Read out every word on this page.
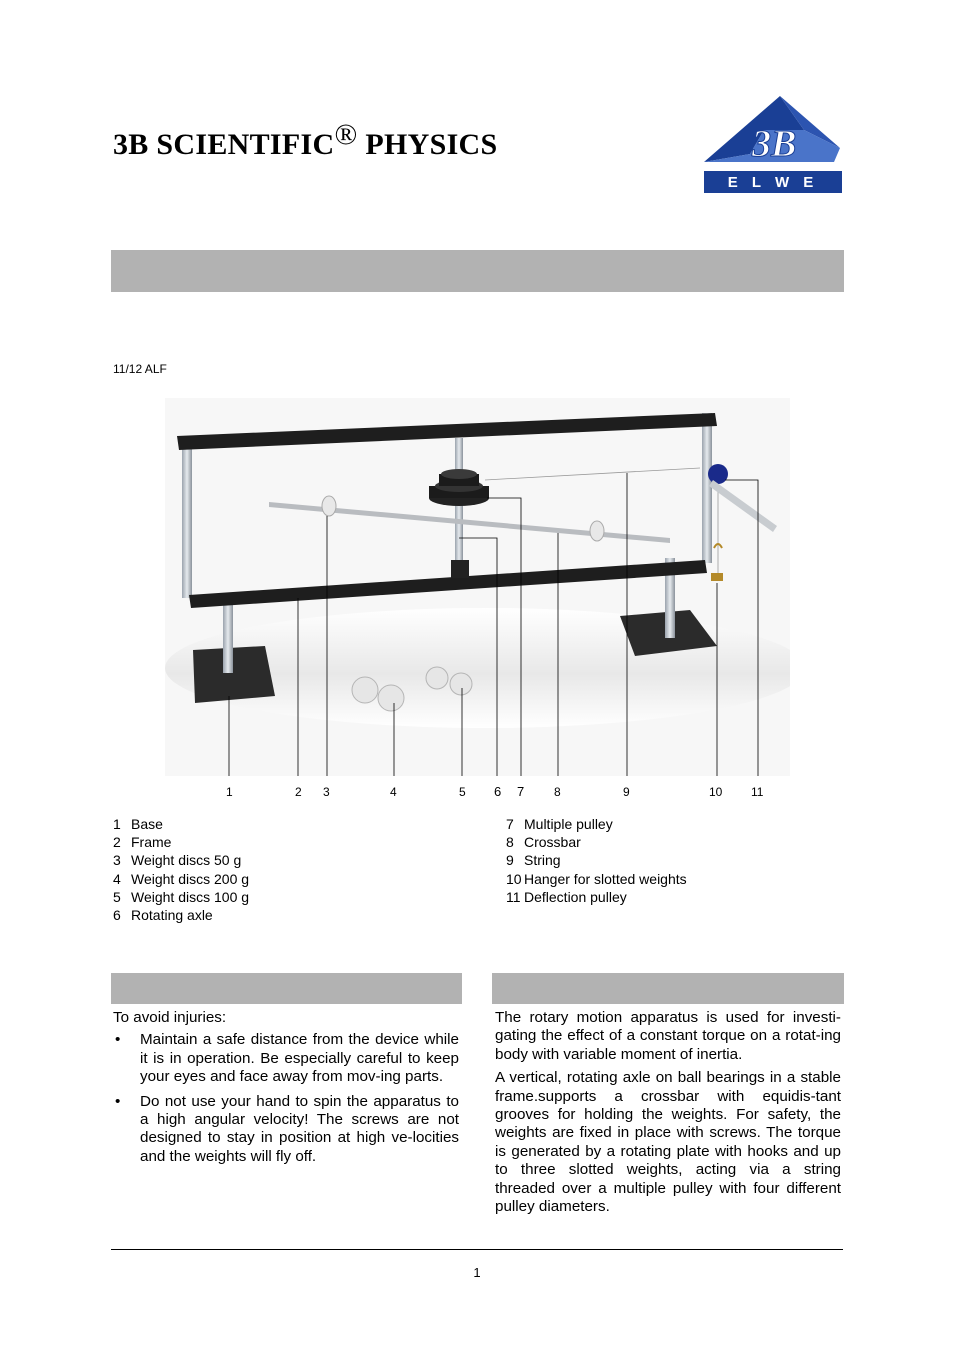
3B SCIENTIFIC® PHYSICS	3B
E L W E
11/12 ALF
1	2 3	4	5 6 7 8	9	10 11
1 Base
2 Frame
3 Weight discs 50 g
4 Weight discs 200 g
5 Weight discs 100 g
6 Rotating axle
7 Multiple pulley
8 Crossbar
9 String
10 Hanger for slotted weights
11 Deflection pulley

To avoid injuries:

• Maintain a safe distance from the device while it is in operation. Be especially careful to keep your eyes and face away from mov-ing parts.
• Do not use your hand to spin the apparatus to a high angular velocity! The screws are not designed to stay in position at high ve-locities and the weights will fly off.

The rotary motion apparatus is used for investi-gating the effect of a constant torque on a rotat-ing body with variable moment of inertia.

A vertical, rotating axle on ball bearings in a stable frame.supports a crossbar with equidis-tant grooves for holding the weights. For safety, the weights are fixed in place with screws. The torque is generated by a rotating plate with hooks and up to three slotted weights, acting via a string threaded over a multiple pulley with four different pulley diameters.

1
